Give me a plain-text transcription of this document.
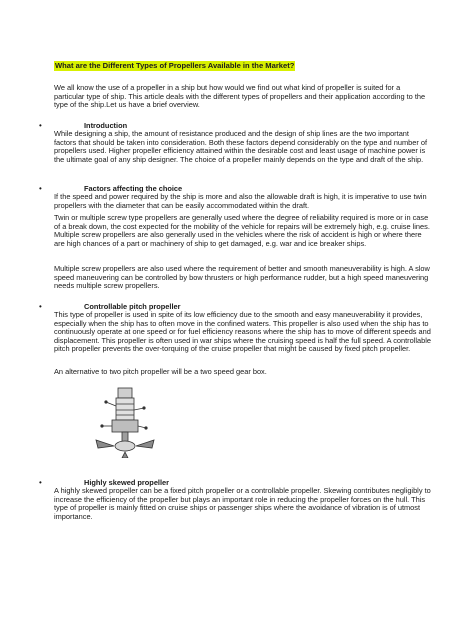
What are the Different Types of Propellers Available in the Market?

We all know the use of a propeller in a ship but how would we find out what kind of propeller is suited for a particular type of ship. This article deals with the different types of propellers and their application according to the type of the ship.Let us have a brief overview.

•	Introduction

While designing a ship, the amount of resistance produced and the design of ship lines are the two important factors that should be taken into consideration. Both these factors depend considerably on the type and number of propellers used. Higher propeller efficiency attained within the desirable cost and least usage of machine power is the ultimate goal of any ship designer. The choice of a propeller mainly depends on the type and draft of the ship.

•	Factors affecting the choice

If the speed and power required by the ship is more and also the allowable draft is high, it is imperative to use twin propellers with the diameter that can be easily accommodated within the draft.

Twin or multiple screw type propellers are generally used where the degree of reliability required is more or in case of a break down, the cost expected for the mobility of the vehicle for repairs will be extremely high, e.g. cruise lines. Multiple screw propellers are also generally used in the vehicles where the risk of accident is high or where there are high chances of a part or machinery of ship to get damaged, e.g. war and ice breaker ships.

Multiple screw propellers are also used where the requirement of better and smooth maneuverability is high. A slow speed maneuvering can be controlled by bow thrusters or high performance rudder, but a high speed maneuvering needs multiple screw propellers.

•	Controllable pitch propeller

This type of propeller is used in spite of its low efficiency due to the smooth and easy maneuverability it provides, especially when the ship has to often move in the confined waters. This propeller is also used when the ship has to continuously operate at one speed or for fuel efficiency reasons where the ship has to move of different speeds and displacement. This propeller is often used in war ships where the cruising speed is half the full speed. A controllable pitch propeller prevents the over-torquing of the cruise propeller that might be caused by fixed pitch propeller.

An alternative to two pitch propeller will be a two speed gear box.

•	Highly skewed propeller

A highly skewed propeller can be a fixed pitch propeller or a controllable propeller. Skewing contributes negligibly to increase the efficiency of the propeller but plays an important role in reducing the propeller forces on the hull. This type of propeller is mainly fitted on cruise ships or passenger ships where the avoidance of vibration is of utmost importance.
